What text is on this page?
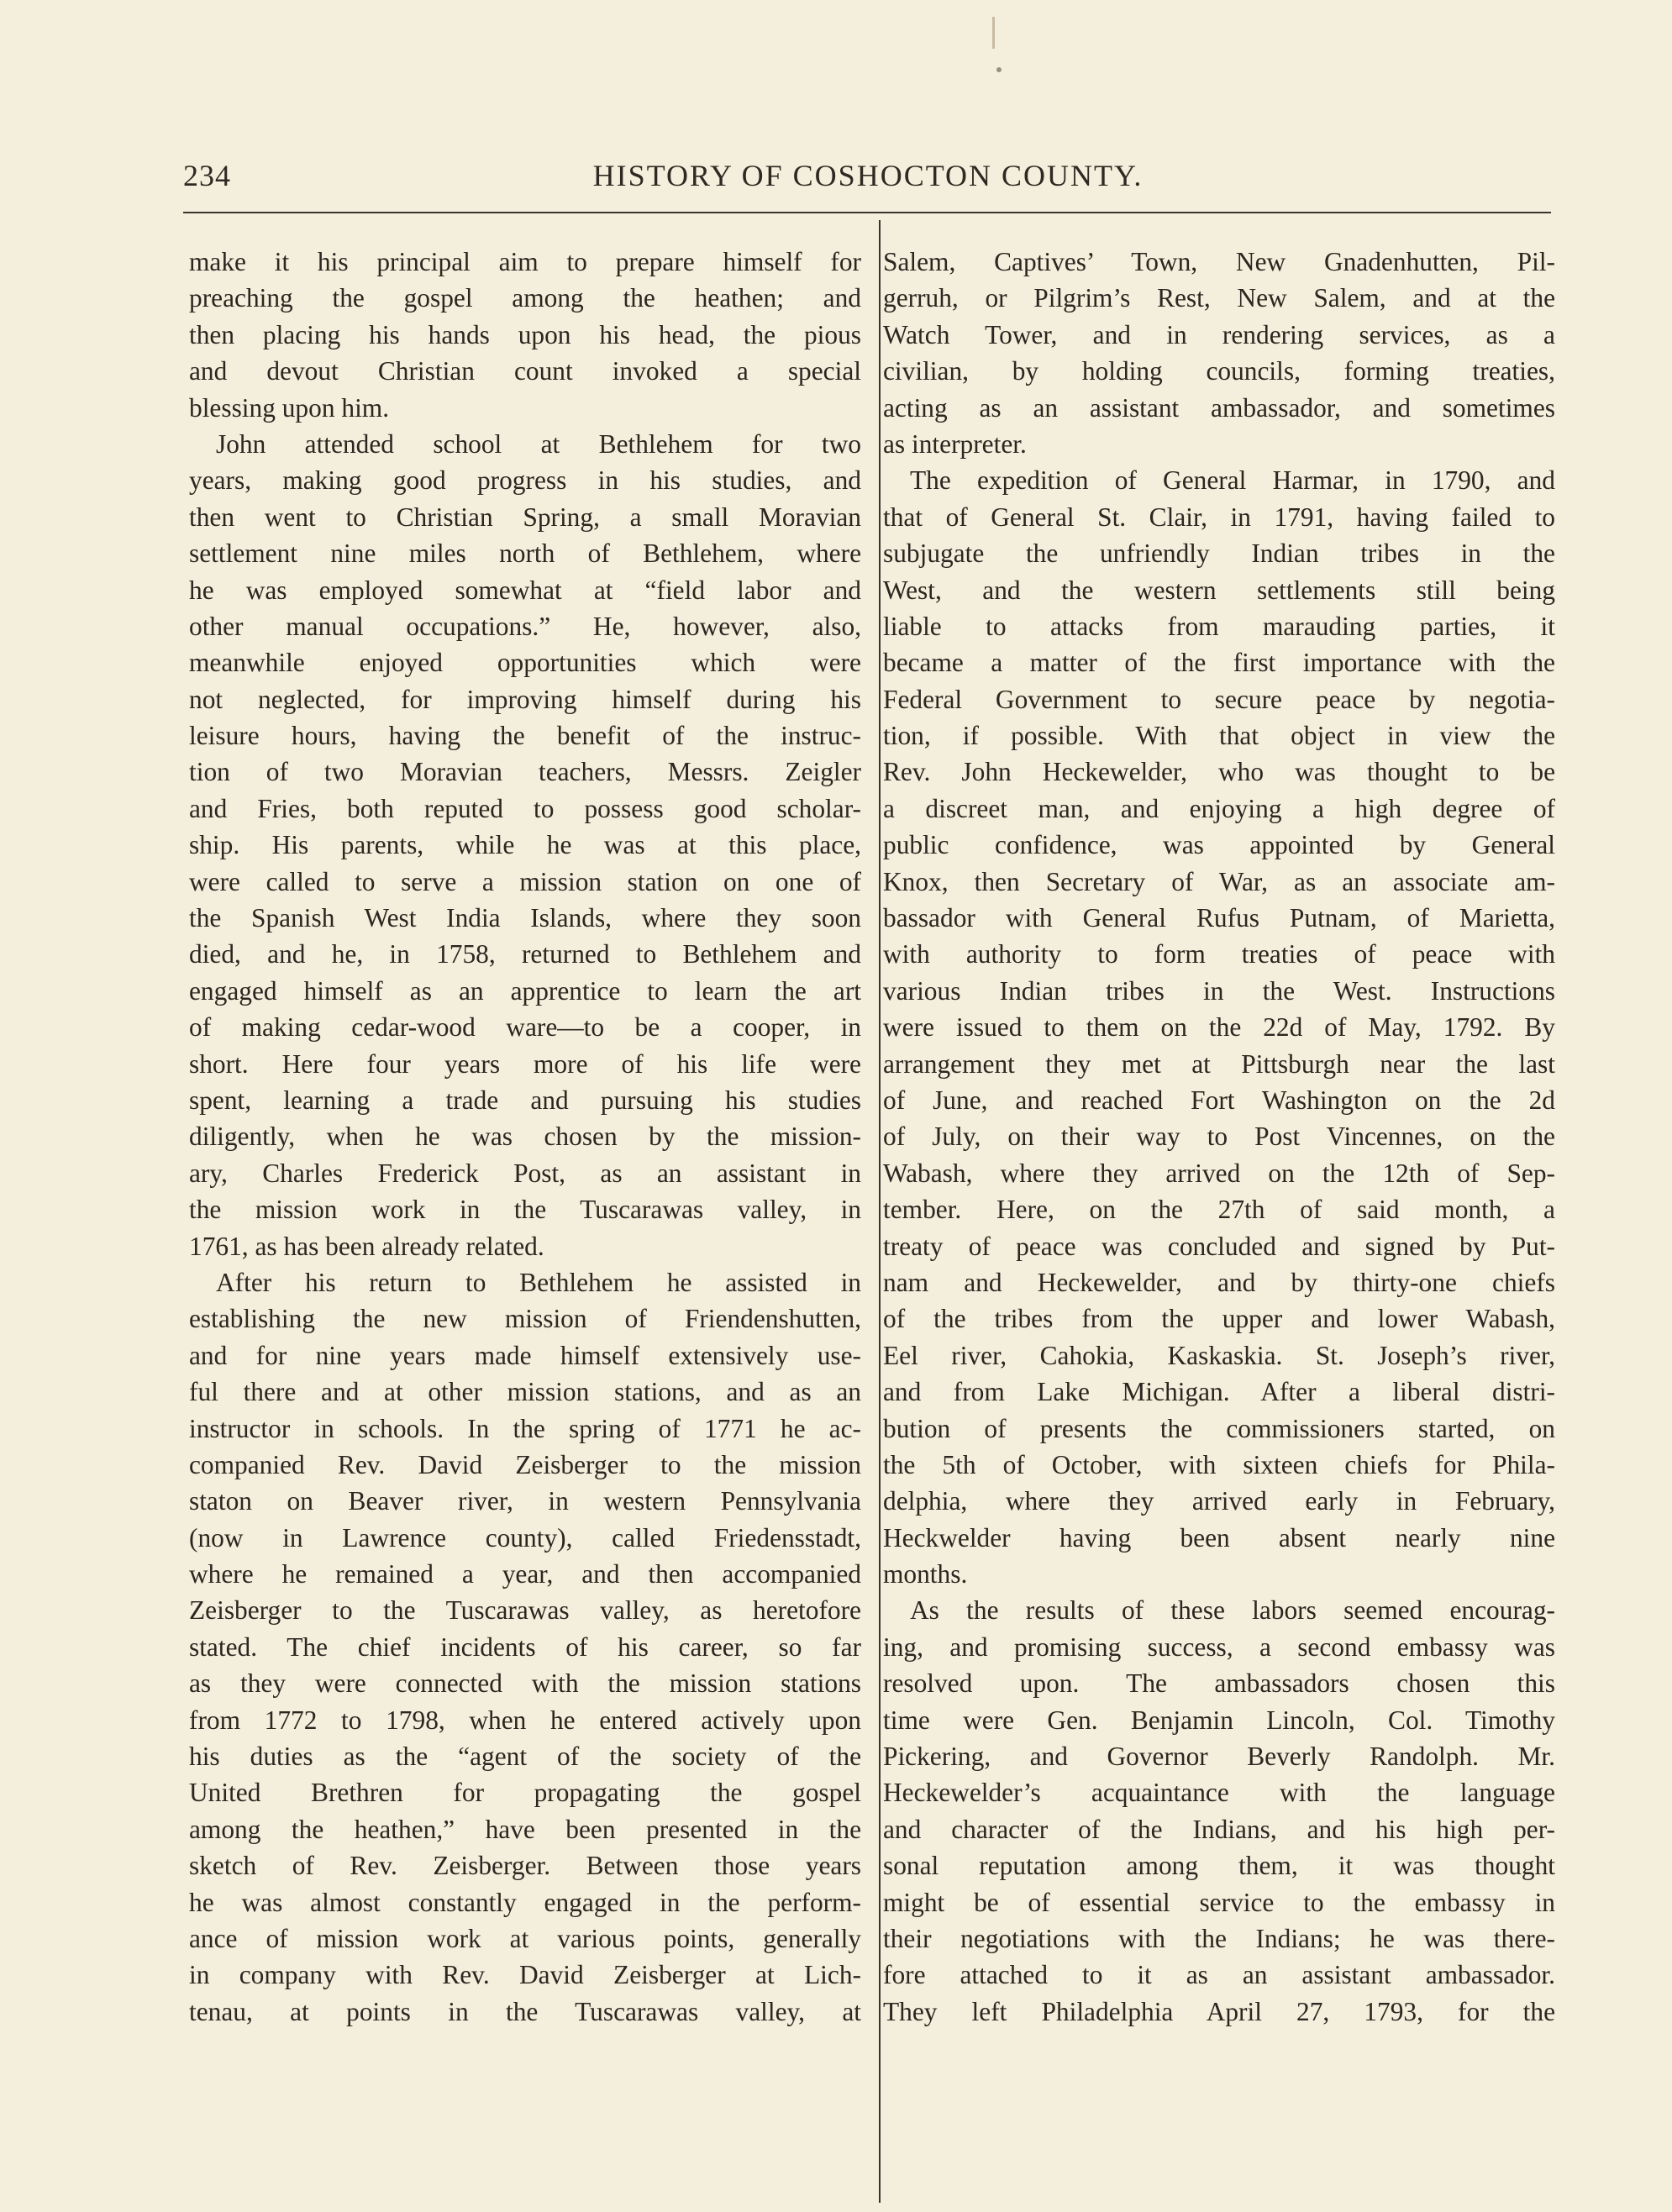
234	HISTORY OF COSHOCTON COUNTY.
make it his principal aim to prepare himself for
preaching the gospel among the heathen; and
then placing his hands upon his head, the pious
and devout Christian count invoked a special
blessing upon him.
John attended school at Bethlehem for two
years, making good progress in his studies, and
then went to Christian Spring, a small Moravian
settlement nine miles north of Bethlehem, where
he was employed somewhat at “field labor and
other manual occupations.” He, however, also,
meanwhile enjoyed opportunities which were
not neglected, for improving himself during his
leisure hours, having the benefit of the instruc-
tion of two Moravian teachers, Messrs. Zeigler
and Fries, both reputed to possess good scholar-
ship. His parents, while he was at this place,
were called to serve a mission station on one of
the Spanish West India Islands, where they soon
died, and he, in 1758, returned to Bethlehem and
engaged himself as an apprentice to learn the art
of making cedar-wood ware—to be a cooper, in
short. Here four years more of his life were
spent, learning a trade and pursuing his studies
diligently, when he was chosen by the mission-
ary, Charles Frederick Post, as an assistant in
the mission work in the Tuscarawas valley, in
1761, as has been already related.
After his return to Bethlehem he assisted in
establishing the new mission of Friendenshutten,
and for nine years made himself extensively use-
ful there and at other mission stations, and as an
instructor in schools. In the spring of 1771 he ac-
companied Rev. David Zeisberger to the mission
staton on Beaver river, in western Pennsylvania
(now in Lawrence county), called Friedensstadt,
where he remained a year, and then accompanied
Zeisberger to the Tuscarawas valley, as heretofore
stated. The chief incidents of his career, so far
as they were connected with the mission stations
from 1772 to 1798, when he entered actively upon
his duties as the “agent of the society of the
United Brethren for propagating the gospel
among the heathen,” have been presented in the
sketch of Rev. Zeisberger. Between those years
he was almost constantly engaged in the perform-
ance of mission work at various points, generally
in company with Rev. David Zeisberger at Lich-
tenau, at points in the Tuscarawas valley, at
Salem, Captives’ Town, New Gnadenhutten, Pil-
gerruh, or Pilgrim’s Rest, New Salem, and at the
Watch Tower, and in rendering services, as a
civilian, by holding councils, forming treaties,
acting as an assistant ambassador, and sometimes
as interpreter.
The expedition of General Harmar, in 1790, and
that of General St. Clair, in 1791, having failed to
subjugate the unfriendly Indian tribes in the
West, and the western settlements still being
liable to attacks from marauding parties, it
became a matter of the first importance with the
Federal Government to secure peace by negotia-
tion, if possible. With that object in view the
Rev. John Heckewelder, who was thought to be
a discreet man, and enjoying a high degree of
public confidence, was appointed by General
Knox, then Secretary of War, as an associate am-
bassador with General Rufus Putnam, of Marietta,
with authority to form treaties of peace with
various Indian tribes in the West. Instructions
were issued to them on the 22d of May, 1792. By
arrangement they met at Pittsburgh near the last
of June, and reached Fort Washington on the 2d
of July, on their way to Post Vincennes, on the
Wabash, where they arrived on the 12th of Sep-
tember. Here, on the 27th of said month, a
treaty of peace was concluded and signed by Put-
nam and Heckewelder, and by thirty-one chiefs
of the tribes from the upper and lower Wabash,
Eel river, Cahokia, Kaskaskia. St. Joseph’s river,
and from Lake Michigan. After a liberal distri-
bution of presents the commissioners started, on
the 5th of October, with sixteen chiefs for Phila-
delphia, where they arrived early in February,
Heckwelder having been absent nearly nine
months.
As the results of these labors seemed encourag-
ing, and promising success, a second embassy was
resolved upon. The ambassadors chosen this
time were Gen. Benjamin Lincoln, Col. Timothy
Pickering, and Governor Beverly Randolph. Mr.
Heckewelder’s acquaintance with the language
and character of the Indians, and his high per-
sonal reputation among them, it was thought
might be of essential service to the embassy in
their negotiations with the Indians; he was there-
fore attached to it as an assistant ambassador.
They left Philadelphia April 27, 1793, for the
